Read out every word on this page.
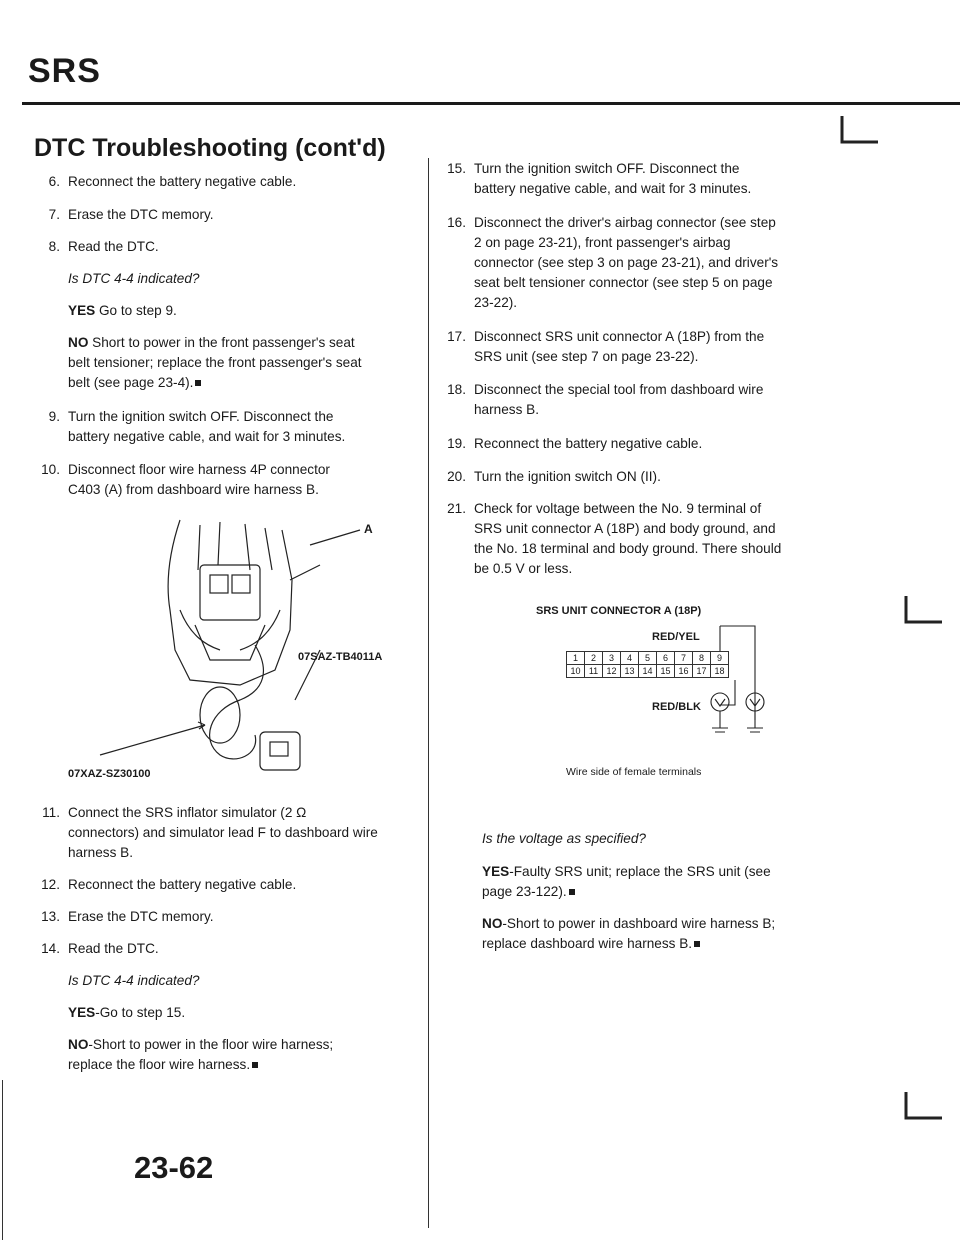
SRS
DTC Troubleshooting (cont'd)
6. Reconnect the battery negative cable.
7. Erase the DTC memory.
8. Read the DTC.
Is DTC 4-4 indicated?
YES Go to step 9.
NO Short to power in the front passenger's seat
belt tensioner; replace the front passenger's seat
belt (see page 23-4).
9. Turn the ignition switch OFF. Disconnect the
battery negative cable, and wait for 3 minutes.
10. Disconnect floor wire harness 4P connector
C403 (A) from dashboard wire harness B.
A
07SAZ-TB4011A
07XAZ-SZ30100
11. Connect the SRS inflator simulator (2 Ω
connectors) and simulator lead F to dashboard wire
harness B.
12. Reconnect the battery negative cable.
13. Erase the DTC memory.
14. Read the DTC.
Is DTC 4-4 indicated?
YES-Go to step 15.
NO-Short to power in the floor wire harness;
replace the floor wire harness.
15. Turn the ignition switch OFF. Disconnect the
battery negative cable, and wait for 3 minutes.
16. Disconnect the driver's airbag connector (see step
2 on page 23-21), front passenger's airbag
connector (see step 3 on page 23-21), and driver's
seat belt tensioner connector (see step 5 on page
23-22).
17. Disconnect SRS unit connector A (18P) from the
SRS unit (see step 7 on page 23-22).
18. Disconnect the special tool from dashboard wire
harness B.
19. Reconnect the battery negative cable.
20. Turn the ignition switch ON (II).
21. Check for voltage between the No. 9 terminal of
SRS unit connector A (18P) and body ground, and
the No. 18 terminal and body ground. There should
be 0.5 V or less.
SRS UNIT CONNECTOR A (18P)
RED/YEL
1	2	3	4	5	6	7	8	9
10	11	12	13	14	15	16	17	18
RED/BLK
Wire side of female terminals
Is the voltage as specified?
YES-Faulty SRS unit; replace the SRS unit (see
page 23-122).
NO-Short to power in dashboard wire harness B;
replace dashboard wire harness B.
23-62
